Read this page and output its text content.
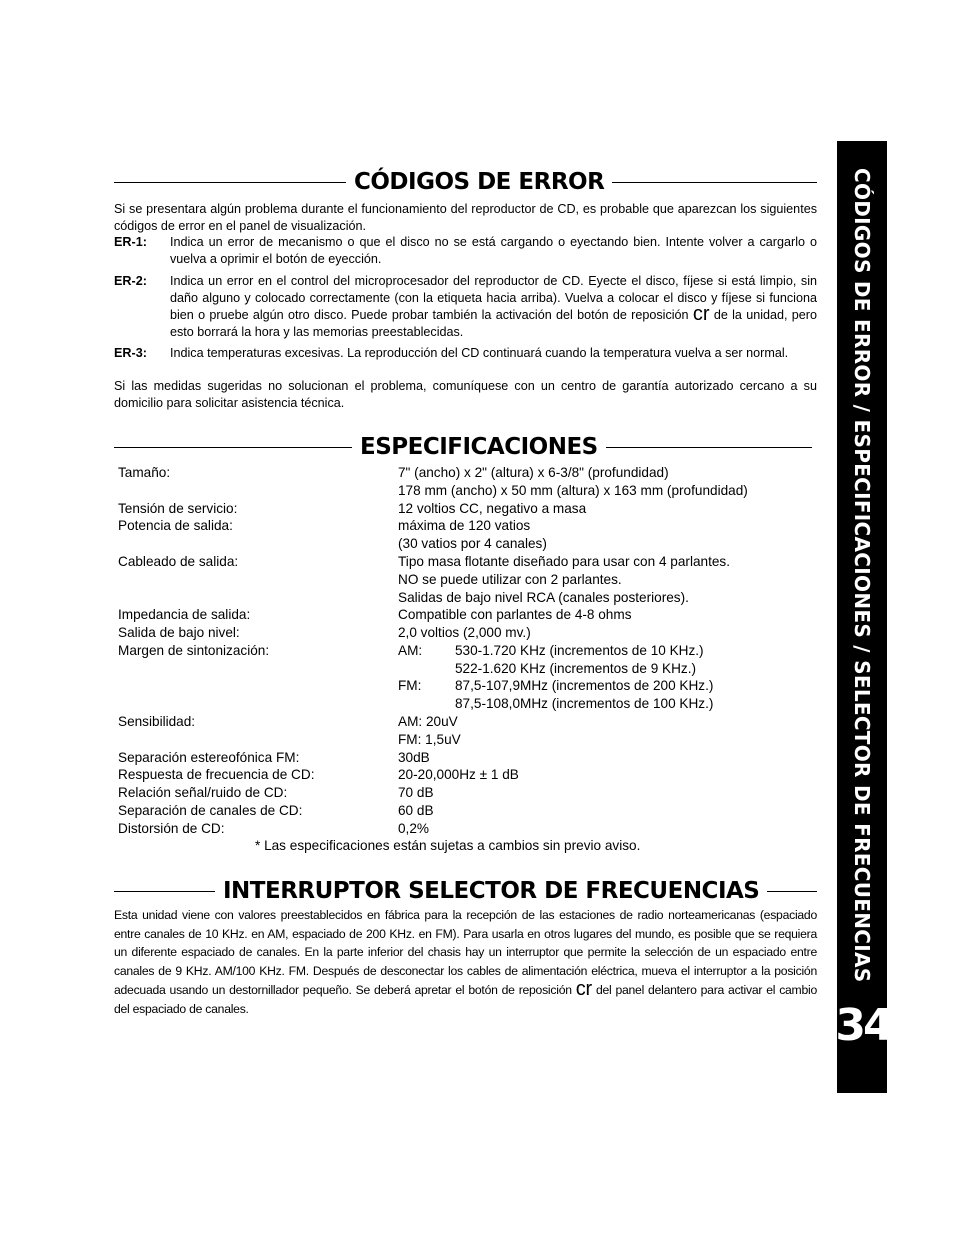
CÓDIGOS DE ERROR
Si se presentara algún problema durante el funcionamiento del reproductor de CD, es probable que aparezcan los siguientes códigos de error en el panel de visualización.
ER-1: Indica un error de mecanismo o que el disco no se está cargando o eyectando bien. Intente volver a cargarlo o vuelva a oprimir el botón de eyección.
ER-2: Indica un error en el control del microprocesador del reproductor de CD. Eyecte el disco, fíjese si está limpio, sin daño alguno y colocado correctamente (con la etiqueta hacia arriba). Vuelva a colocar el disco y fíjese si funciona bien o pruebe algún otro disco. Puede probar también la activación del botón de reposición cr de la unidad, pero esto borrará la hora y las memorias preestablecidas.
ER-3: Indica temperaturas excesivas. La reproducción del CD continuará cuando la temperatura vuelva a ser normal.
Si las medidas sugeridas no solucionan el problema, comuníquese con un centro de garantía autorizado cercano a su domicilio para solicitar asistencia técnica.
ESPECIFICACIONES
Tamaño:
Tensión de servicio:
Potencia de salida:
Cableado de salida:
Impedancia de salida:
Salida de bajo nivel:
Margen de sintonización:
Sensibilidad:
Separación estereofónica FM:
Respuesta de frecuencia de CD:
Relación señal/ruido de CD:
Separación de canales de CD:
Distorsión de CD:
7" (ancho) x 2" (altura) x 6-3/8" (profundidad)
178 mm (ancho) x 50 mm (altura) x 163 mm (profundidad)
12 voltios CC, negativo a masa
máxima de 120 vatios
(30 vatios por 4 canales)
Tipo masa flotante diseñado para usar con 4 parlantes.
NO se puede utilizar con 2 parlantes.
Salidas de bajo nivel RCA (canales posteriores).
Compatible con parlantes de 4-8 ohms
2,0 voltios (2,000 mv.)
AM: 530-1.720 KHz (incrementos de 10 KHz.)
522-1.620 KHz (incrementos de 9 KHz.)
FM: 87,5-107,9MHz (incrementos de 200 KHz.)
87,5-108,0MHz (incrementos de 100 KHz.)
AM: 20uV
FM: 1,5uV
30dB
20-20,000Hz ± 1 dB
70 dB
60 dB
0,2%
* Las especificaciones están sujetas a cambios sin previo aviso.
INTERRUPTOR SELECTOR DE FRECUENCIAS
Esta unidad viene con valores preestablecidos en fábrica para la recepción de las estaciones de radio norteamericanas (espaciado entre canales de 10 KHz. en AM, espaciado de 200 KHz. en FM). Para usarla en otros lugares del mundo, es posible que se requiera un diferente espaciado de canales. En la parte inferior del chasis hay un interruptor que permite la selección de un espaciado entre canales de 9 KHz. AM/100 KHz. FM. Después de desconectar los cables de alimentación eléctrica, mueva el interruptor a la posición adecuada usando un destornillador pequeño. Se deberá apretar el botón de reposición cr del panel delantero para activar el cambio del espaciado de canales.
CÓDIGOS DE ERROR / ESPECIFICACIONES / SELECTOR DE FRECUENCIAS
34
